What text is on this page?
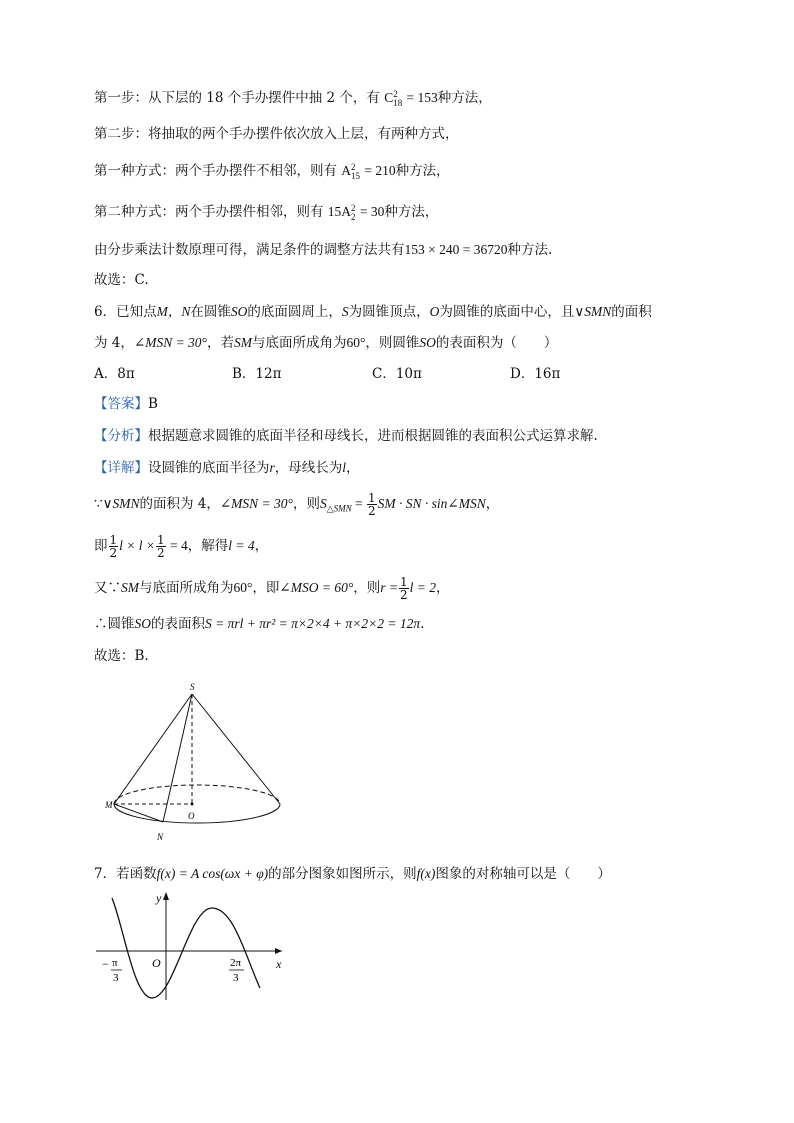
第一步：从下层的 18 个手办摆件中抽 2 个，有 C 2
18 = 153种方法，
第二步：将抽取的两个手办摆件依次放入上层，有两种方式，
第一种方式：两个手办摆件不相邻，则有 A 2
15 = 210种方法，
第二种方式：两个手办摆件相邻，则有 15A 2
2 = 30种方法，
由分步乘法计数原理可得，满足条件的调整方法共有153 × 240 = 36720种方法.
故选：C.
6．已知点M，N在圆锥SO的底面圆周上，S为圆锥顶点，O为圆锥的底面中心，且∨SMN的面积
为 4，∠MSN = 30°，若SM与底面所成角为60°，则圆锥SO的表面积为（　　）
A．8π	B．12π	C．10π	D．16π
【答案】B
【分析】根据题意求圆锥的底面半径和母线长，进而根据圆锥的表面积公式运算求解.
【详解】设圆锥的底面半径为r，母线长为l，
∵∨SMN的面积为 4，∠MSN = 30°，则$S_{\triangle SMN} = \frac{1}{2}$ SM · SN · sin∠MSN，
即 $\frac{1}{2}$ $l \times l \times \frac{1}{2} = 4$，解得l = 4，
又∵SM与底面所成角为60°，即∠MSO = 60°，则$r = \frac{1}{2}$ l = 2，
∴圆锥SO的表面积S = πrl + πr² = π×2×4 + π×2×2 = 12π.
故选：B.
S
M
N
O
7．若函数f(x) = A cos(ωx + φ)的部分图象如图所示，则f(x)图象的对称轴可以是（　　）
y
x
O
− π
3
2π
3
